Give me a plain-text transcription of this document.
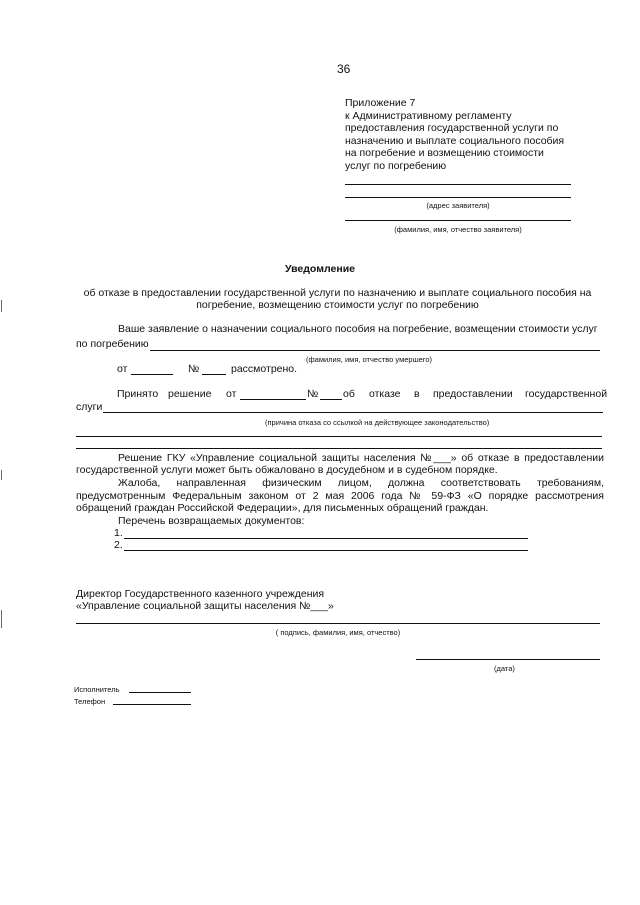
36
Приложение 7
к Административному регламенту
предоставления государственной услуги по
назначению и выплате социального пособия
на погребение и возмещению стоимости
услуг по погребению
(адрес заявителя)
(фамилия, имя, отчество заявителя)
Уведомление
об отказе в предоставлении государственной услуги по назначению и выплате социального пособия на
погребение, возмещению стоимости услуг по погребению
Ваше заявление о назначении социального пособия на погребение, возмещении стоимости услуг
по погребению
(фамилия, имя, отчество умершего)
от	№	рассмотрено.
Принято решение от	№ об отказе в предоставлении государственной
слуги
(причина отказа со ссылкой на действующее законодательство)
Решение ГКУ «Управление социальной защиты населения №___» об отказе в предоставлении
государственной услуги может быть обжаловано в досудебном и в судебном порядке.
Жалоба, направленная физическим лицом, должна соответствовать требованиям,
предусмотренным Федеральным законом от 2 мая 2006 года № 59-ФЗ «О порядке рассмотрения
обращений граждан Российской Федерации», для письменных обращений граждан.
Перечень возвращаемых документов:
1.
2.
Директор Государственного казенного учреждения
«Управление социальной защиты населения №___»
( подпись, фамилия, имя, отчество)
(дата)
Исполнитель
Телефон
